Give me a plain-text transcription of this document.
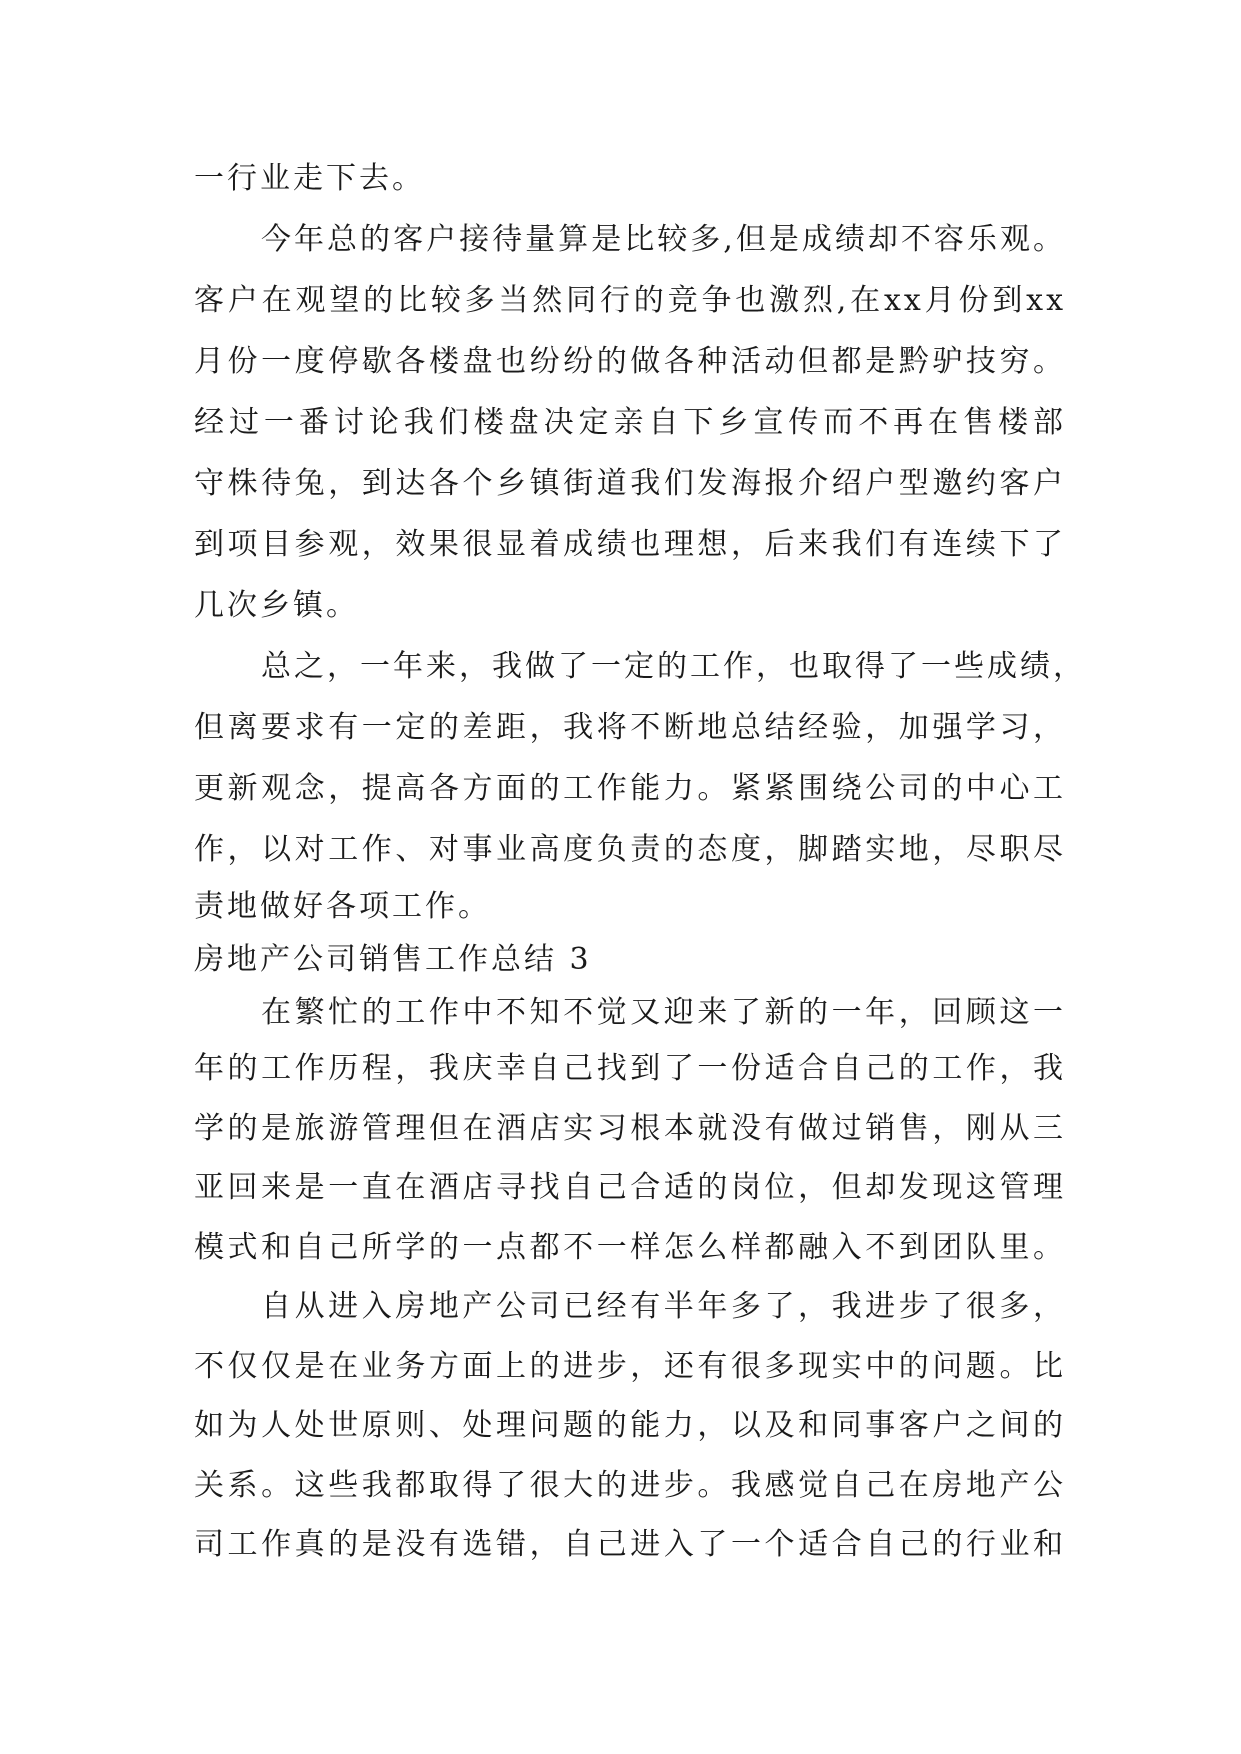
一行业走下去。
今年总的客户接待量算是比较多,但是成绩却不容乐观。
客户在观望的比较多当然同行的竞争也激烈,在xx月份到xx
月份一度停歇各楼盘也纷纷的做各种活动但都是黔驴技穷。
经过一番讨论我们楼盘决定亲自下乡宣传而不再在售楼部
守株待兔，到达各个乡镇街道我们发海报介绍户型邀约客户
到项目参观，效果很显着成绩也理想，后来我们有连续下了
几次乡镇。
总之，一年来，我做了一定的工作，也取得了一些成绩，
但离要求有一定的差距，我将不断地总结经验，加强学习，
更新观念，提高各方面的工作能力。紧紧围绕公司的中心工
作，以对工作、对事业高度负责的态度，脚踏实地，尽职尽
责地做好各项工作。
房地产公司销售工作总结 3
在繁忙的工作中不知不觉又迎来了新的一年，回顾这一
年的工作历程，我庆幸自己找到了一份适合自己的工作，我
学的是旅游管理但在酒店实习根本就没有做过销售，刚从三
亚回来是一直在酒店寻找自己合适的岗位，但却发现这管理
模式和自己所学的一点都不一样怎么样都融入不到团队里。
自从进入房地产公司已经有半年多了，我进步了很多，
不仅仅是在业务方面上的进步，还有很多现实中的问题。比
如为人处世原则、处理问题的能力，以及和同事客户之间的
关系。这些我都取得了很大的进步。我感觉自己在房地产公
司工作真的是没有选错，自己进入了一个适合自己的行业和
